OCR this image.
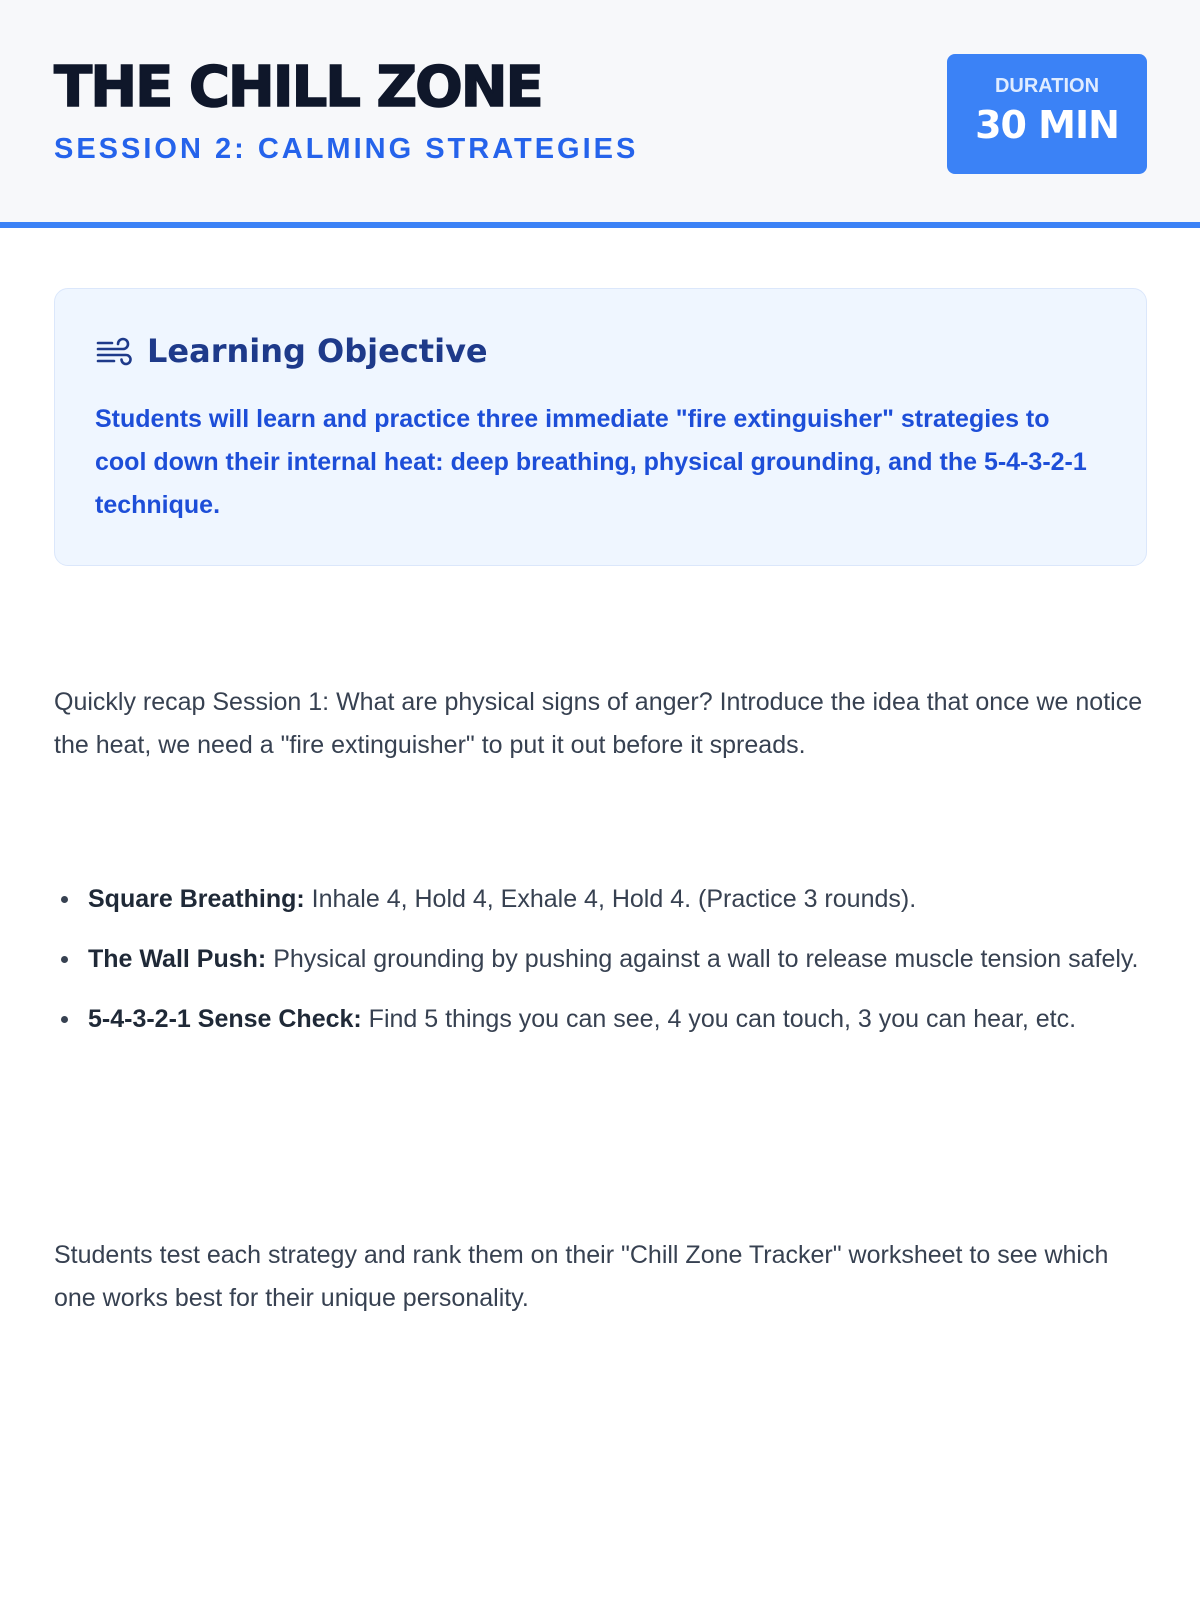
THE CHILL ZONE
SESSION 2: CALMING STRATEGIES
DURATION
30 MIN
Learning Objective

Students will learn and practice three immediate "fire extinguisher" strategies to cool down their internal heat: deep breathing, physical grounding, and the 5-4-3-2-1 technique.

Quickly recap Session 1: What are physical signs of anger? Introduce the idea that once we notice the heat, we need a "fire extinguisher" to put it out before it spreads.

Square Breathing: Inhale 4, Hold 4, Exhale 4, Hold 4. (Practice 3 rounds).
The Wall Push: Physical grounding by pushing against a wall to release muscle tension safely.
5-4-3-2-1 Sense Check: Find 5 things you can see, 4 you can touch, 3 you can hear, etc.

Students test each strategy and rank them on their "Chill Zone Tracker" worksheet to see which one works best for their unique personality.
